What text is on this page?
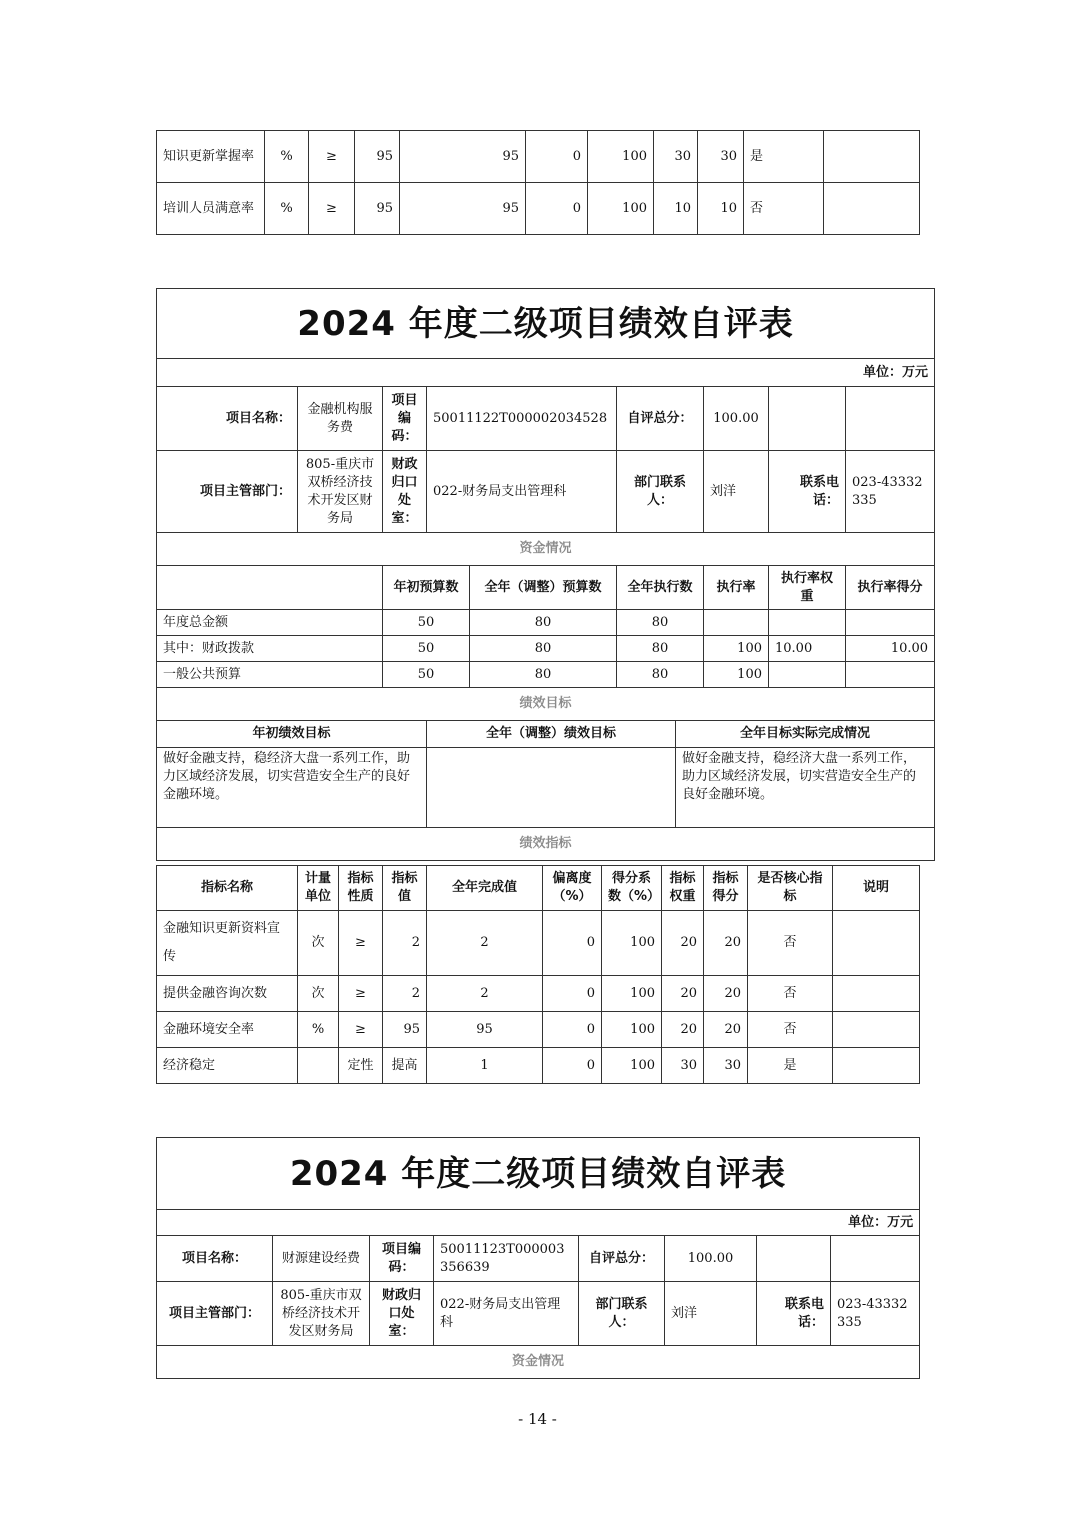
知识更新掌握率	%	≥	95	95	0	100	30	30	是	
培训人员满意率	%	≥	95	95	0	100	10	10	否	
2024 年度二级项目绩效自评表									
单位：万元									
项目名称：	金融机构服务费	项目编码：	50011122T000002034528		自评总分：		100.00		
项目主管部门：	805-重庆市双桥经济技术开发区财务局	财政归口处室：	022-财务局支出管理科		部门联系人：		刘洋	联系电话：	023-43332335
资金情况									
		年初预算数		全年（调整）预算数	全年执行数		执行率	执行率权重	执行率得分
年度总金额		50		80	80				
其中：财政拨款		50		80	80		100	10.00	10.00
一般公共预算		50		80	80		100		
绩效目标									
年初绩效目标			全年（调整）绩效目标			全年目标实际完成情况			
做好金融支持，稳经济大盘一系列工作，助力区域经济发展，切实营造安全生产的良好金融环境。						做好金融支持，稳经济大盘一系列工作，助力区域经济发展，切实营造安全生产的良好金融环境。			
绩效指标									
指标名称	计量单位	指标性质	指标值	全年完成值	偏离度（%）	得分系数（%）	指标权重	指标得分	是否核心指标	说明
金融知识更新资料宣传	次	≥	2	2	0	100	20	20	否	
提供金融咨询次数	次	≥	2	2	0	100	20	20	否	
金融环境安全率	%	≥	95	95	0	100	20	20	否	
经济稳定		定性	提高	1	0	100	30	30	是	
2024 年度二级项目绩效自评表							
单位：万元							
项目名称：	财源建设经费	项目编码：	50011123T000003356639	自评总分：	100.00		
项目主管部门：	805-重庆市双桥经济技术开发区财务局	财政归口处室：	022-财务局支出管理科	部门联系人：	刘洋	联系电话：	023-43332335
资金情况							
- 14 -
